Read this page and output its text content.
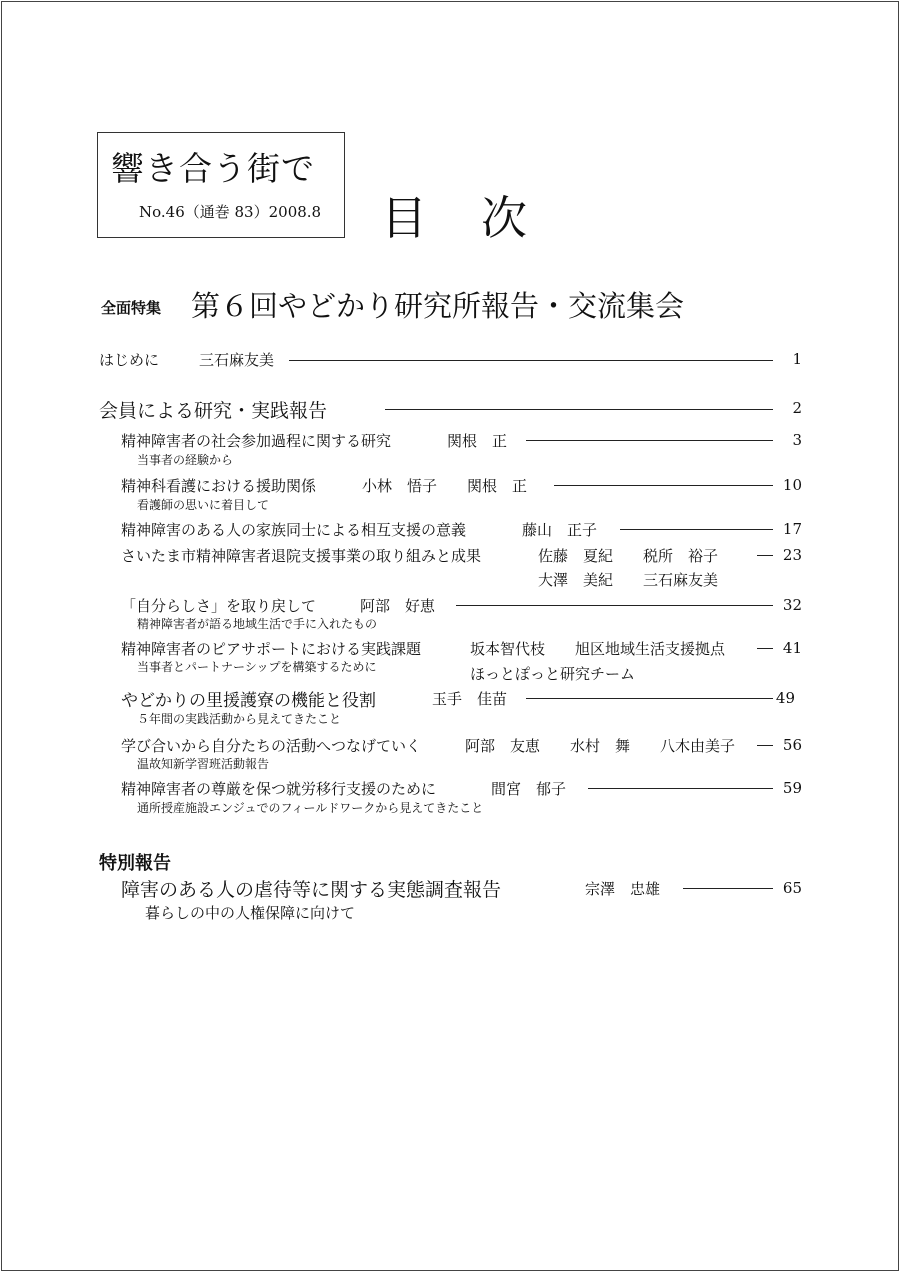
響き合う街で
No.46（通巻 83）2008.8 目　次
全面特集 第６回やどかり研究所報告・交流集会
はじめに	三石麻友美	1
会員による研究・実践報告	2
精神障害者の社会参加過程に関する研究	関根　正	3
当事者の経験から
精神科看護における援助関係	小林　悟子　　関根　正	10
看護師の思いに着目して
精神障害のある人の家族同士による相互支援の意義	藤山　正子	17
さいたま市精神障害者退院支援事業の取り組みと成果	佐藤　夏紀　　税所　裕子	23
大澤　美紀　　三石麻友美
「自分らしさ」を取り戻して	阿部　好恵	32
精神障害者が語る地域生活で手に入れたもの
精神障害者のピアサポートにおける実践課題	坂本智代枝　　旭区地域生活支援拠点	41
当事者とパートナーシップを構築するために	ほっとぽっと研究チーム
やどかりの里援護寮の機能と役割	玉手　佳苗	49
５年間の実践活動から見えてきたこと
学び合いから自分たちの活動へつなげていく	阿部　友恵　　水村　舞　　八木由美子	56
温故知新学習班活動報告
精神障害者の尊厳を保つ就労移行支援のために	間宮　郁子	59
通所授産施設エンジュでのフィールドワークから見えてきたこと
特別報告
障害のある人の虐待等に関する実態調査報告	宗澤　忠雄	65
暮らしの中の人権保障に向けて
